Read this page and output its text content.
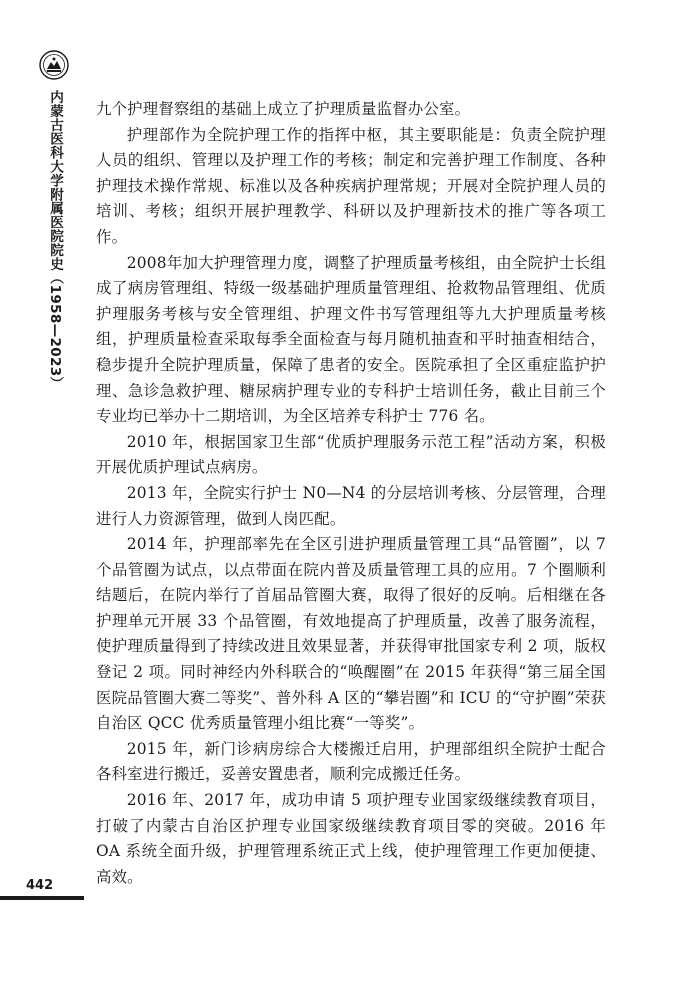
内蒙古医科大学附属医院院史（1958—2023） 九个护理督察组的基础上成立了护理质量监督办公室。

护理部作为全院护理工作的指挥中枢，其主要职能是：负责全院护理人员的组织、管理以及护理工作的考核；制定和完善护理工作制度、各种护理技术操作常规、标准以及各种疾病护理常规；开展对全院护理人员的培训、考核；组织开展护理教学、科研以及护理新技术的推广等各项工作。

2008年加大护理管理力度，调整了护理质量考核组，由全院护士长组成了病房管理组、特级一级基础护理质量管理组、抢救物品管理组、优质护理服务考核与安全管理组、护理文件书写管理组等九大护理质量考核组，护理质量检查采取每季全面检查与每月随机抽查和平时抽查相结合，稳步提升全院护理质量，保障了患者的安全。医院承担了全区重症监护护理、急诊急救护理、糖尿病护理专业的专科护士培训任务，截止目前三个专业均已举办十二期培训，为全区培养专科护士 776 名。

2010 年，根据国家卫生部“优质护理服务示范工程”活动方案，积极开展优质护理试点病房。

2013 年，全院实行护士 N0—N4 的分层培训考核、分层管理，合理进行人力资源管理，做到人岗匹配。

2014 年，护理部率先在全区引进护理质量管理工具“品管圈”，以 7 个品管圈为试点，以点带面在院内普及质量管理工具的应用。7 个圈顺利结题后，在院内举行了首届品管圈大赛，取得了很好的反响。后相继在各护理单元开展 33 个品管圈，有效地提高了护理质量，改善了服务流程，使护理质量得到了持续改进且效果显著，并获得审批国家专利 2 项，版权登记 2 项。同时神经内外科联合的“唤醒圈”在 2015 年获得“第三届全国医院品管圈大赛二等奖”、普外科 A 区的“攀岩圈”和 ICU 的“守护圈”荣获自治区 QCC 优秀质量管理小组比赛“一等奖”。

2015 年，新门诊病房综合大楼搬迁启用，护理部组织全院护士配合各科室进行搬迁，妥善安置患者，顺利完成搬迁任务。

2016 年、2017 年，成功申请 5 项护理专业国家级继续教育项目，打破了内蒙古自治区护理专业国家级继续教育项目零的突破。2016 年 OA 系统全面升级，护理管理系统正式上线，使护理管理工作更加便捷、高效。

442
